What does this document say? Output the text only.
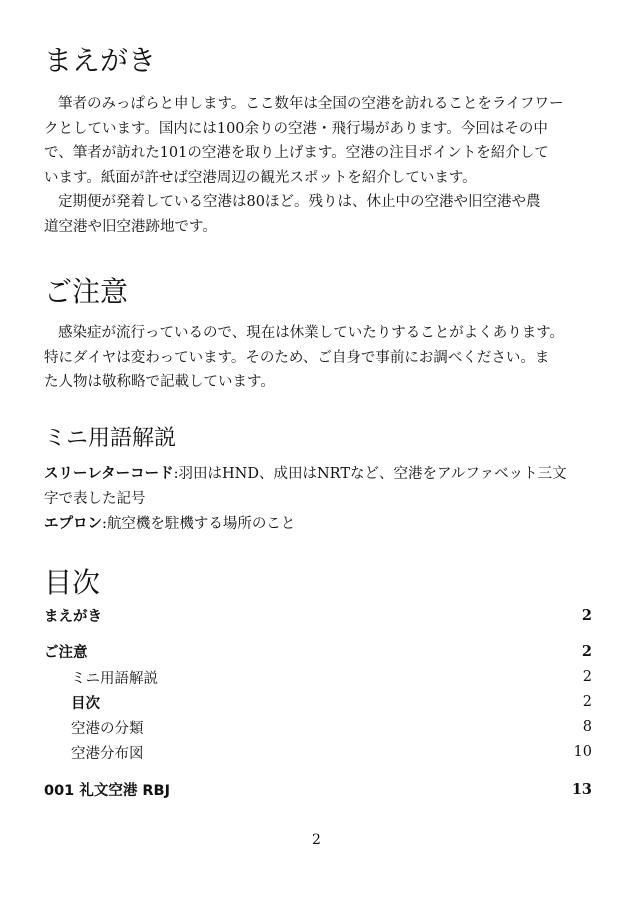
まえがき

筆者のみっぱらと申します。ここ数年は全国の空港を訪れることをライフワー

クとしています。国内には100余りの空港・飛行場があります。今回はその中

で、筆者が訪れた101の空港を取り上げます。空港の注目ポイントを紹介して

います。紙面が許せば空港周辺の観光スポットを紹介しています。

定期便が発着している空港は80ほど。残りは、休止中の空港や旧空港や農

道空港や旧空港跡地です。

ご注意

感染症が流行っているので、現在は休業していたりすることがよくあります。

特にダイヤは変わっています。そのため、ご自身で事前にお調べください。ま

た人物は敬称略で記載しています。

ミニ用語解説
スリーレターコード:羽田はHND、成田はNRTなど、空港をアルファベット三文
字で表した記号
エプロン:航空機を駐機する場所のこと
目次
まえがき	2
ご注意	2
ミニ用語解説	2
目次	2
空港の分類	8
空港分布図	10
001 礼文空港 RBJ	13
2
